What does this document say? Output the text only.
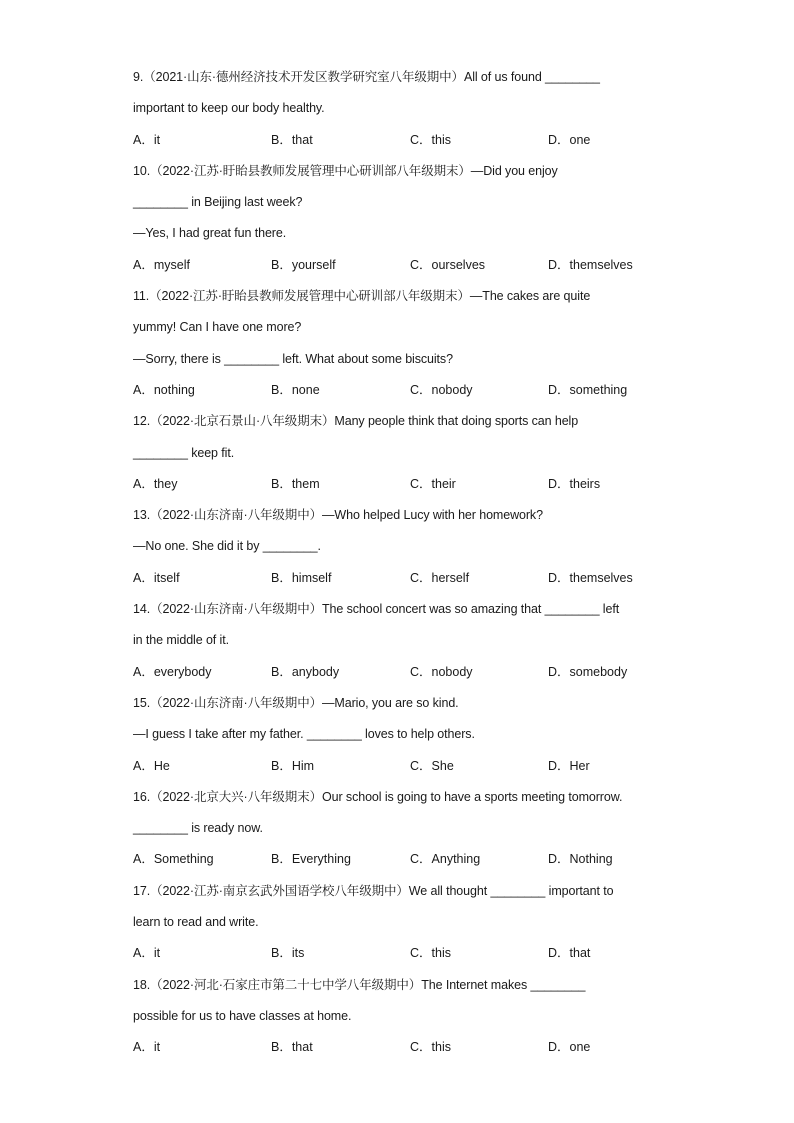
9.（2021·山东·德州经济技术开发区教学研究室八年级期中）All of us found ________
important to keep our body healthy.
A．it	B．that	C．this	D．one
10.（2022·江苏·盱眙县教师发展管理中心研训部八年级期末）—Did you enjoy
________ in Beijing last week?
—Yes, I had great fun there.
A．myself	B．yourself	C．ourselves	D．themselves
11.（2022·江苏·盱眙县教师发展管理中心研训部八年级期末）—The cakes are quite
yummy! Can I have one more?
—Sorry, there is ________ left. What about some biscuits?
A．nothing	B．none	C．nobody	D．something
12.（2022·北京石景山·八年级期末）Many people think that doing sports can help
________ keep fit.
A．they	B．them	C．their	D．theirs
13.（2022·山东济南·八年级期中）—Who helped Lucy with her homework?
—No one. She did it by ________.
A．itself	B．himself	C．herself	D．themselves
14.（2022·山东济南·八年级期中）The school concert was so amazing that ________ left
in the middle of it.
A．everybody	B．anybody	C．nobody	D．somebody
15.（2022·山东济南·八年级期中）—Mario, you are so kind.
—I guess I take after my father. ________ loves to help others.
A．He	B．Him	C．She	D．Her
16.（2022·北京大兴·八年级期末）Our school is going to have a sports meeting tomorrow.
________ is ready now.
A．Something	B．Everything	C．Anything	D．Nothing
17.（2022·江苏·南京玄武外国语学校八年级期中）We all thought ________ important to
learn to read and write.
A．it	B．its	C．this	D．that
18.（2022·河北·石家庄市第二十七中学八年级期中）The Internet makes ________
possible for us to have classes at home.
A．it	B．that	C．this	D．one
